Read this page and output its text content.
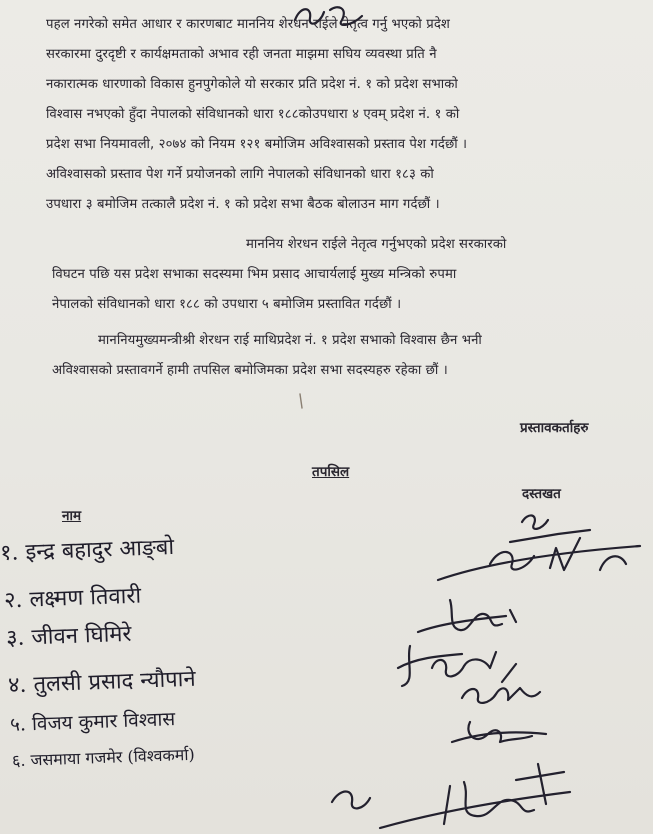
पहल नगरेको समेत आधार र कारणबाट माननिय शेरधन राईले नेतृत्व गर्नु भएको प्रदेश
सरकारमा दुरदृष्टी र कार्यक्षमताको अभाव रही जनता माझमा सघिय व्यवस्था प्रति नै
नकारात्मक धारणाको विकास हुनपुगेकोले यो सरकार प्रति प्रदेश नं. १ को प्रदेश सभाको
विश्वास नभएको हुँदा नेपालको संविधानको धारा १८८कोउपधारा ४ एवम् प्रदेश नं. १ को
प्रदेश सभा नियमावली, २०७४ को नियम १२१ बमोजिम अविश्वासको प्रस्ताव पेश गर्दछौं ।
अविश्वासको प्रस्ताव पेश गर्ने प्रयोजनको लागि नेपालको संविधानको धारा १८३ को
उपधारा ३ बमोजिम तत्कालै प्रदेश नं. १ को प्रदेश सभा बैठक बोलाउन माग गर्दछौं ।
माननिय शेरधन राईले नेतृत्व गर्नुभएको प्रदेश सरकारको
विघटन पछि यस प्रदेश सभाका सदस्यमा भिम प्रसाद आचार्यलाई मुख्य मन्त्रिको रुपमा
नेपालको संविधानको धारा १८८ को उपधारा ५ बमोजिम प्रस्तावित गर्दछौं ।
माननियमुख्यमन्त्रीश्री शेरधन राई माथिप्रदेश नं. १ प्रदेश सभाको विश्वास छैन भनी
अविश्वासको प्रस्तावगर्ने हामी तपसिल बमोजिमका प्रदेश सभा सदस्यहरु रहेका छौं ।
प्रस्तावकर्ताहरु
तपसिल
नाम
दस्तखत
१. इन्द्र बहादुर आङ्‌बो
२. लक्ष्मण तिवारी
३. जीवन घिमिरे
४. तुलसी प्रसाद न्यौपाने
५. विजय कुमार विश्वास
६. जसमाया गजमेर (विश्वकर्मा)
